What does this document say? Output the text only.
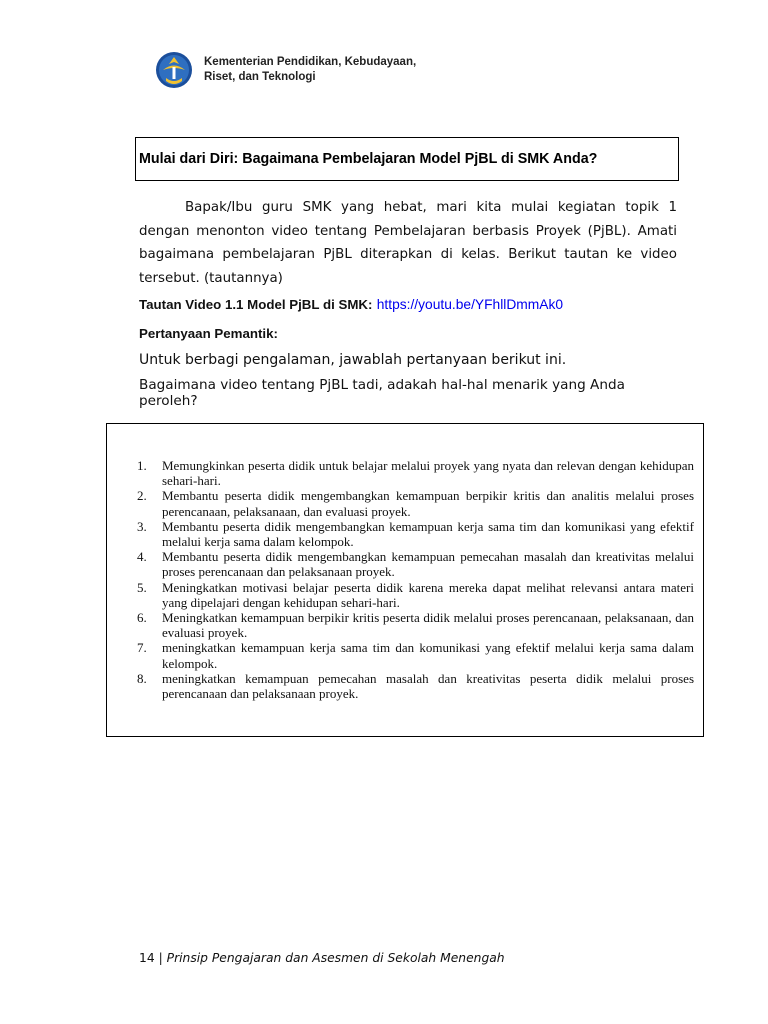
Kementerian Pendidikan, Kebudayaan,
Riset, dan Teknologi
Mulai dari Diri: Bagaimana Pembelajaran Model PjBL di SMK Anda?

Bapak/Ibu guru SMK yang hebat, mari kita mulai kegiatan topik 1 dengan menonton video tentang Pembelajaran berbasis Proyek (PjBL). Amati bagaimana pembelajaran PjBL diterapkan di kelas. Berikut tautan ke video tersebut. (tautannya)

Tautan Video 1.1 Model PjBL di SMK: https://youtu.be/YFhllDmmAk0
Pertanyaan Pemantik:
Untuk berbagi pengalaman, jawablah pertanyaan berikut ini.
Bagaimana video tentang PjBL tadi, adakah hal-hal menarik yang Anda peroleh?
1.	Memungkinkan peserta didik untuk belajar melalui proyek yang nyata dan relevan dengan kehidupan sehari-hari.
2.	Membantu peserta didik mengembangkan kemampuan berpikir kritis dan analitis melalui proses perencanaan, pelaksanaan, dan evaluasi proyek.
3.	Membantu peserta didik mengembangkan kemampuan kerja sama tim dan komunikasi yang efektif melalui kerja sama dalam kelompok.
4.	Membantu peserta didik mengembangkan kemampuan pemecahan masalah dan kreativitas melalui proses perencanaan dan pelaksanaan proyek.
5.	Meningkatkan motivasi belajar peserta didik karena mereka dapat melihat relevansi antara materi yang dipelajari dengan kehidupan sehari-hari.
6.	Meningkatkan kemampuan berpikir kritis peserta didik melalui proses perencanaan, pelaksanaan, dan evaluasi proyek.
7.	meningkatkan kemampuan kerja sama tim dan komunikasi yang efektif melalui kerja sama dalam kelompok.
8.	meningkatkan kemampuan pemecahan masalah dan kreativitas peserta didik melalui proses perencanaan dan pelaksanaan proyek.
14 | Prinsip Pengajaran dan Asesmen di Sekolah Menengah
